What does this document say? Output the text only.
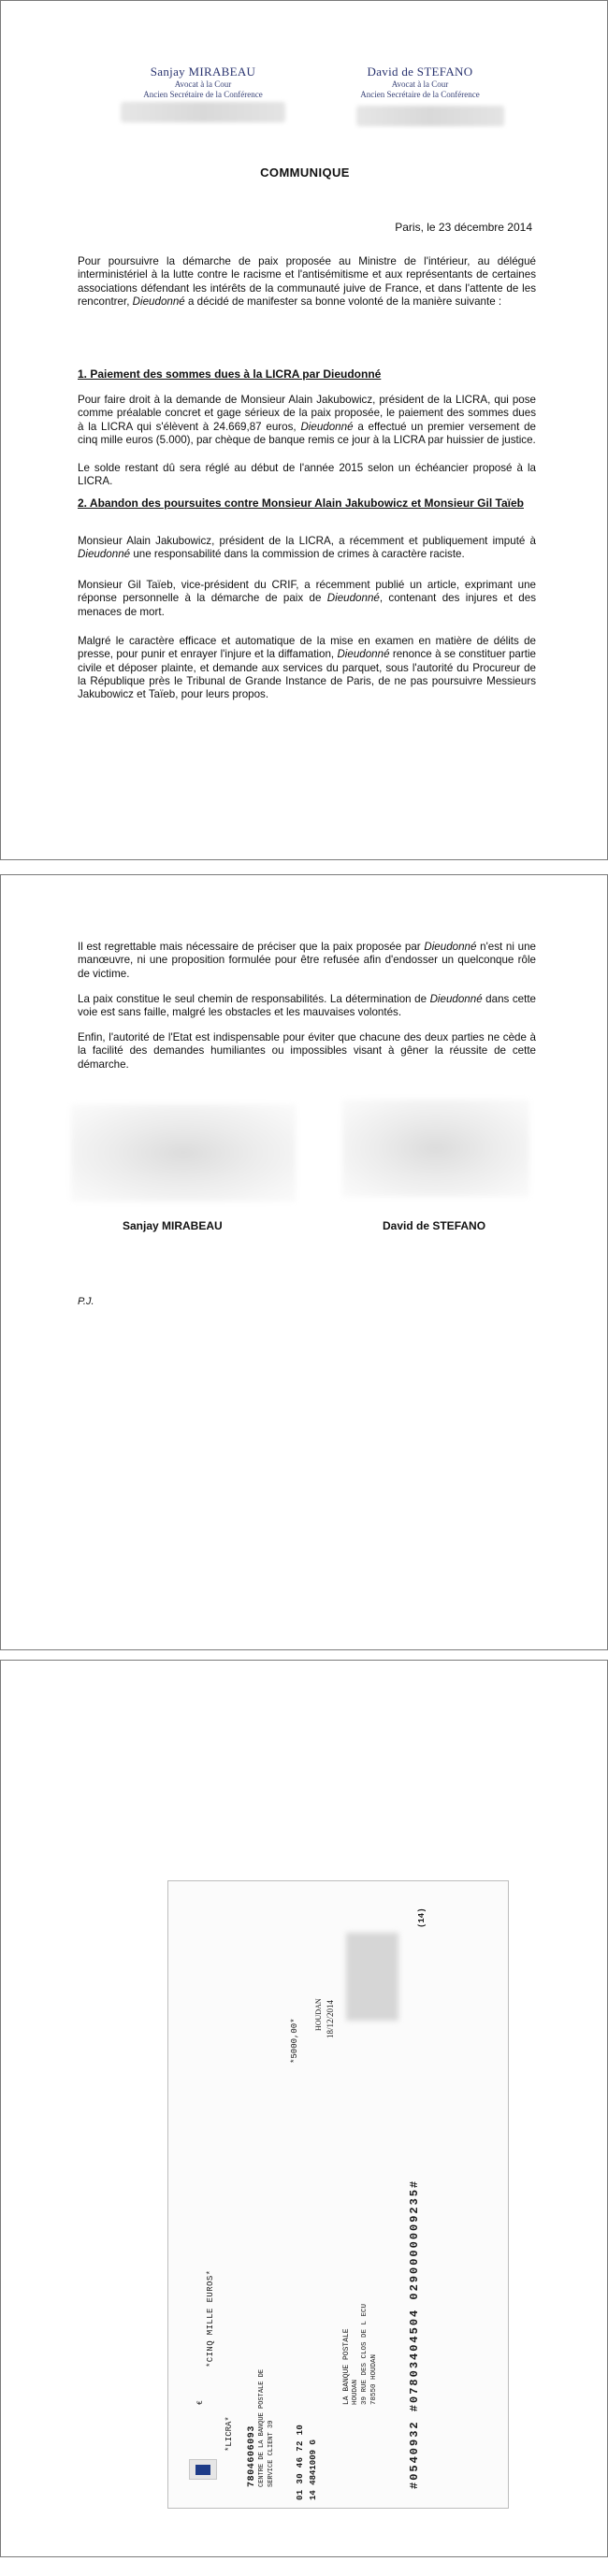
Sanjay MIRABEAU
Avocat à la Cour
Ancien Secrétaire de la Conférence
David de STEFANO
Avocat à la Cour
Ancien Secrétaire de la Conférence
COMMUNIQUE
Paris, le 23 décembre 2014
Pour poursuivre la démarche de paix proposée au Ministre de l'intérieur, au délégué interministériel à la lutte contre le racisme et l'antisémitisme et aux représentants de certaines associations défendant les intérêts de la communauté juive de France, et dans l'attente de les rencontrer, Dieudonné a décidé de manifester sa bonne volonté de la manière suivante :
1. Paiement des sommes dues à la LICRA par Dieudonné
Pour faire droit à la demande de Monsieur Alain Jakubowicz, président de la LICRA, qui pose comme préalable concret et gage sérieux de la paix proposée, le paiement des sommes dues à la LICRA qui s'élèvent à 24.669,87 euros, Dieudonné a effectué un premier versement de cinq mille euros (5.000), par chèque de banque remis ce jour à la LICRA par huissier de justice.
Le solde restant dû sera réglé au début de l'année 2015 selon un échéancier proposé à la LICRA.
2. Abandon des poursuites contre Monsieur Alain Jakubowicz et Monsieur Gil Taïeb
Monsieur Alain Jakubowicz, président de la LICRA, a récemment et publiquement imputé à Dieudonné une responsabilité dans la commission de crimes à caractère raciste.
Monsieur Gil Taïeb, vice-président du CRIF, a récemment publié un article, exprimant une réponse personnelle à la démarche de paix de Dieudonné, contenant des injures et des menaces de mort.
Malgré le caractère efficace et automatique de la mise en examen en matière de délits de presse, pour punir et enrayer l'injure et la diffamation, Dieudonné renonce à se constituer partie civile et déposer plainte, et demande aux services du parquet, sous l'autorité du Procureur de la République près le Tribunal de Grande Instance de Paris, de ne pas poursuivre Messieurs Jakubowicz et Taïeb, pour leurs propos.
Il est regrettable mais nécessaire de préciser que la paix proposée par Dieudonné n'est ni une manœuvre, ni une proposition formulée pour être refusée afin d'endosser un quelconque rôle de victime.
La paix constitue le seul chemin de responsabilités. La détermination de Dieudonné dans cette voie est sans faille, malgré les obstacles et les mauvaises volontés.
Enfin, l'autorité de l'Etat est indispensable pour éviter que chacune des deux parties ne cède à la facilité des demandes humiliantes ou impossibles visant à gêner la réussite de cette démarche.
Sanjay MIRABEAU	David de STEFANO
P.J.
€
*LICRA* 7804606093 CENTRE DE LA BANQUE POSTALE DE SERVICE CLIENT 39
*CINQ MILLE EUROS*
*5000,00*
HOUDAN 18/12/2014
01 30 46 72 10 14 4841009 G
LA BANQUE POSTALE HOUDAN 39 RUE DES CLOS DE L ECU 78550 HOUDAN
(14)
#0540932 #07803404504 0290000009235#
